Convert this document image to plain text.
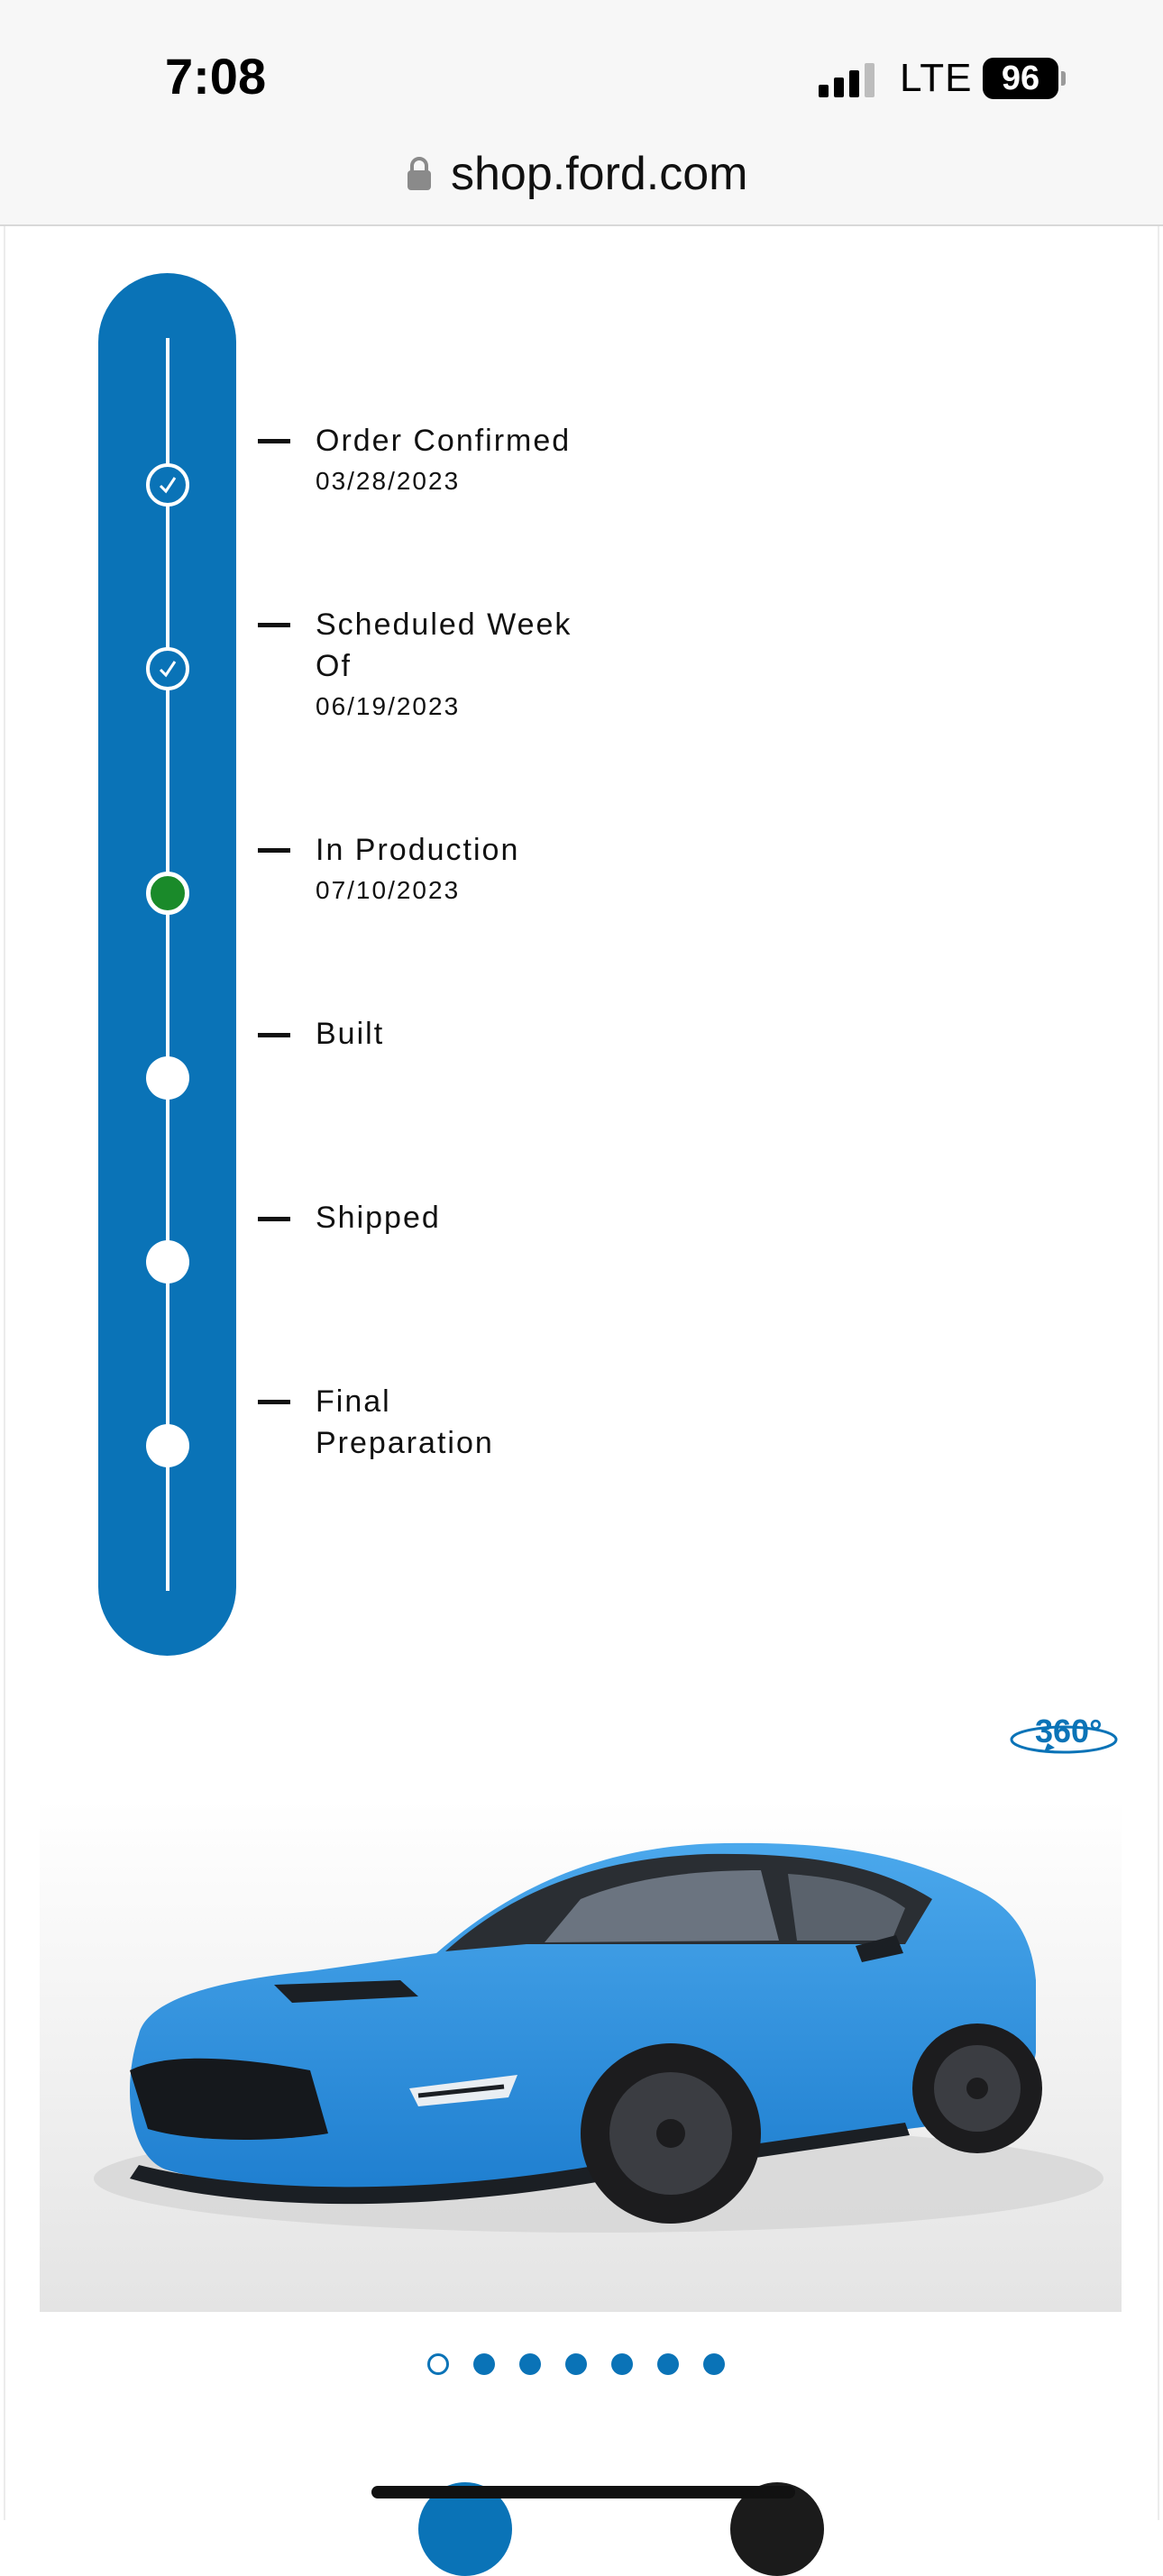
7:08	LTE 96
shop.ford.com
Order Confirmed
03/28/2023
Scheduled Week Of
06/19/2023
In Production
07/10/2023
Built
Shipped
Final Preparation
360°
